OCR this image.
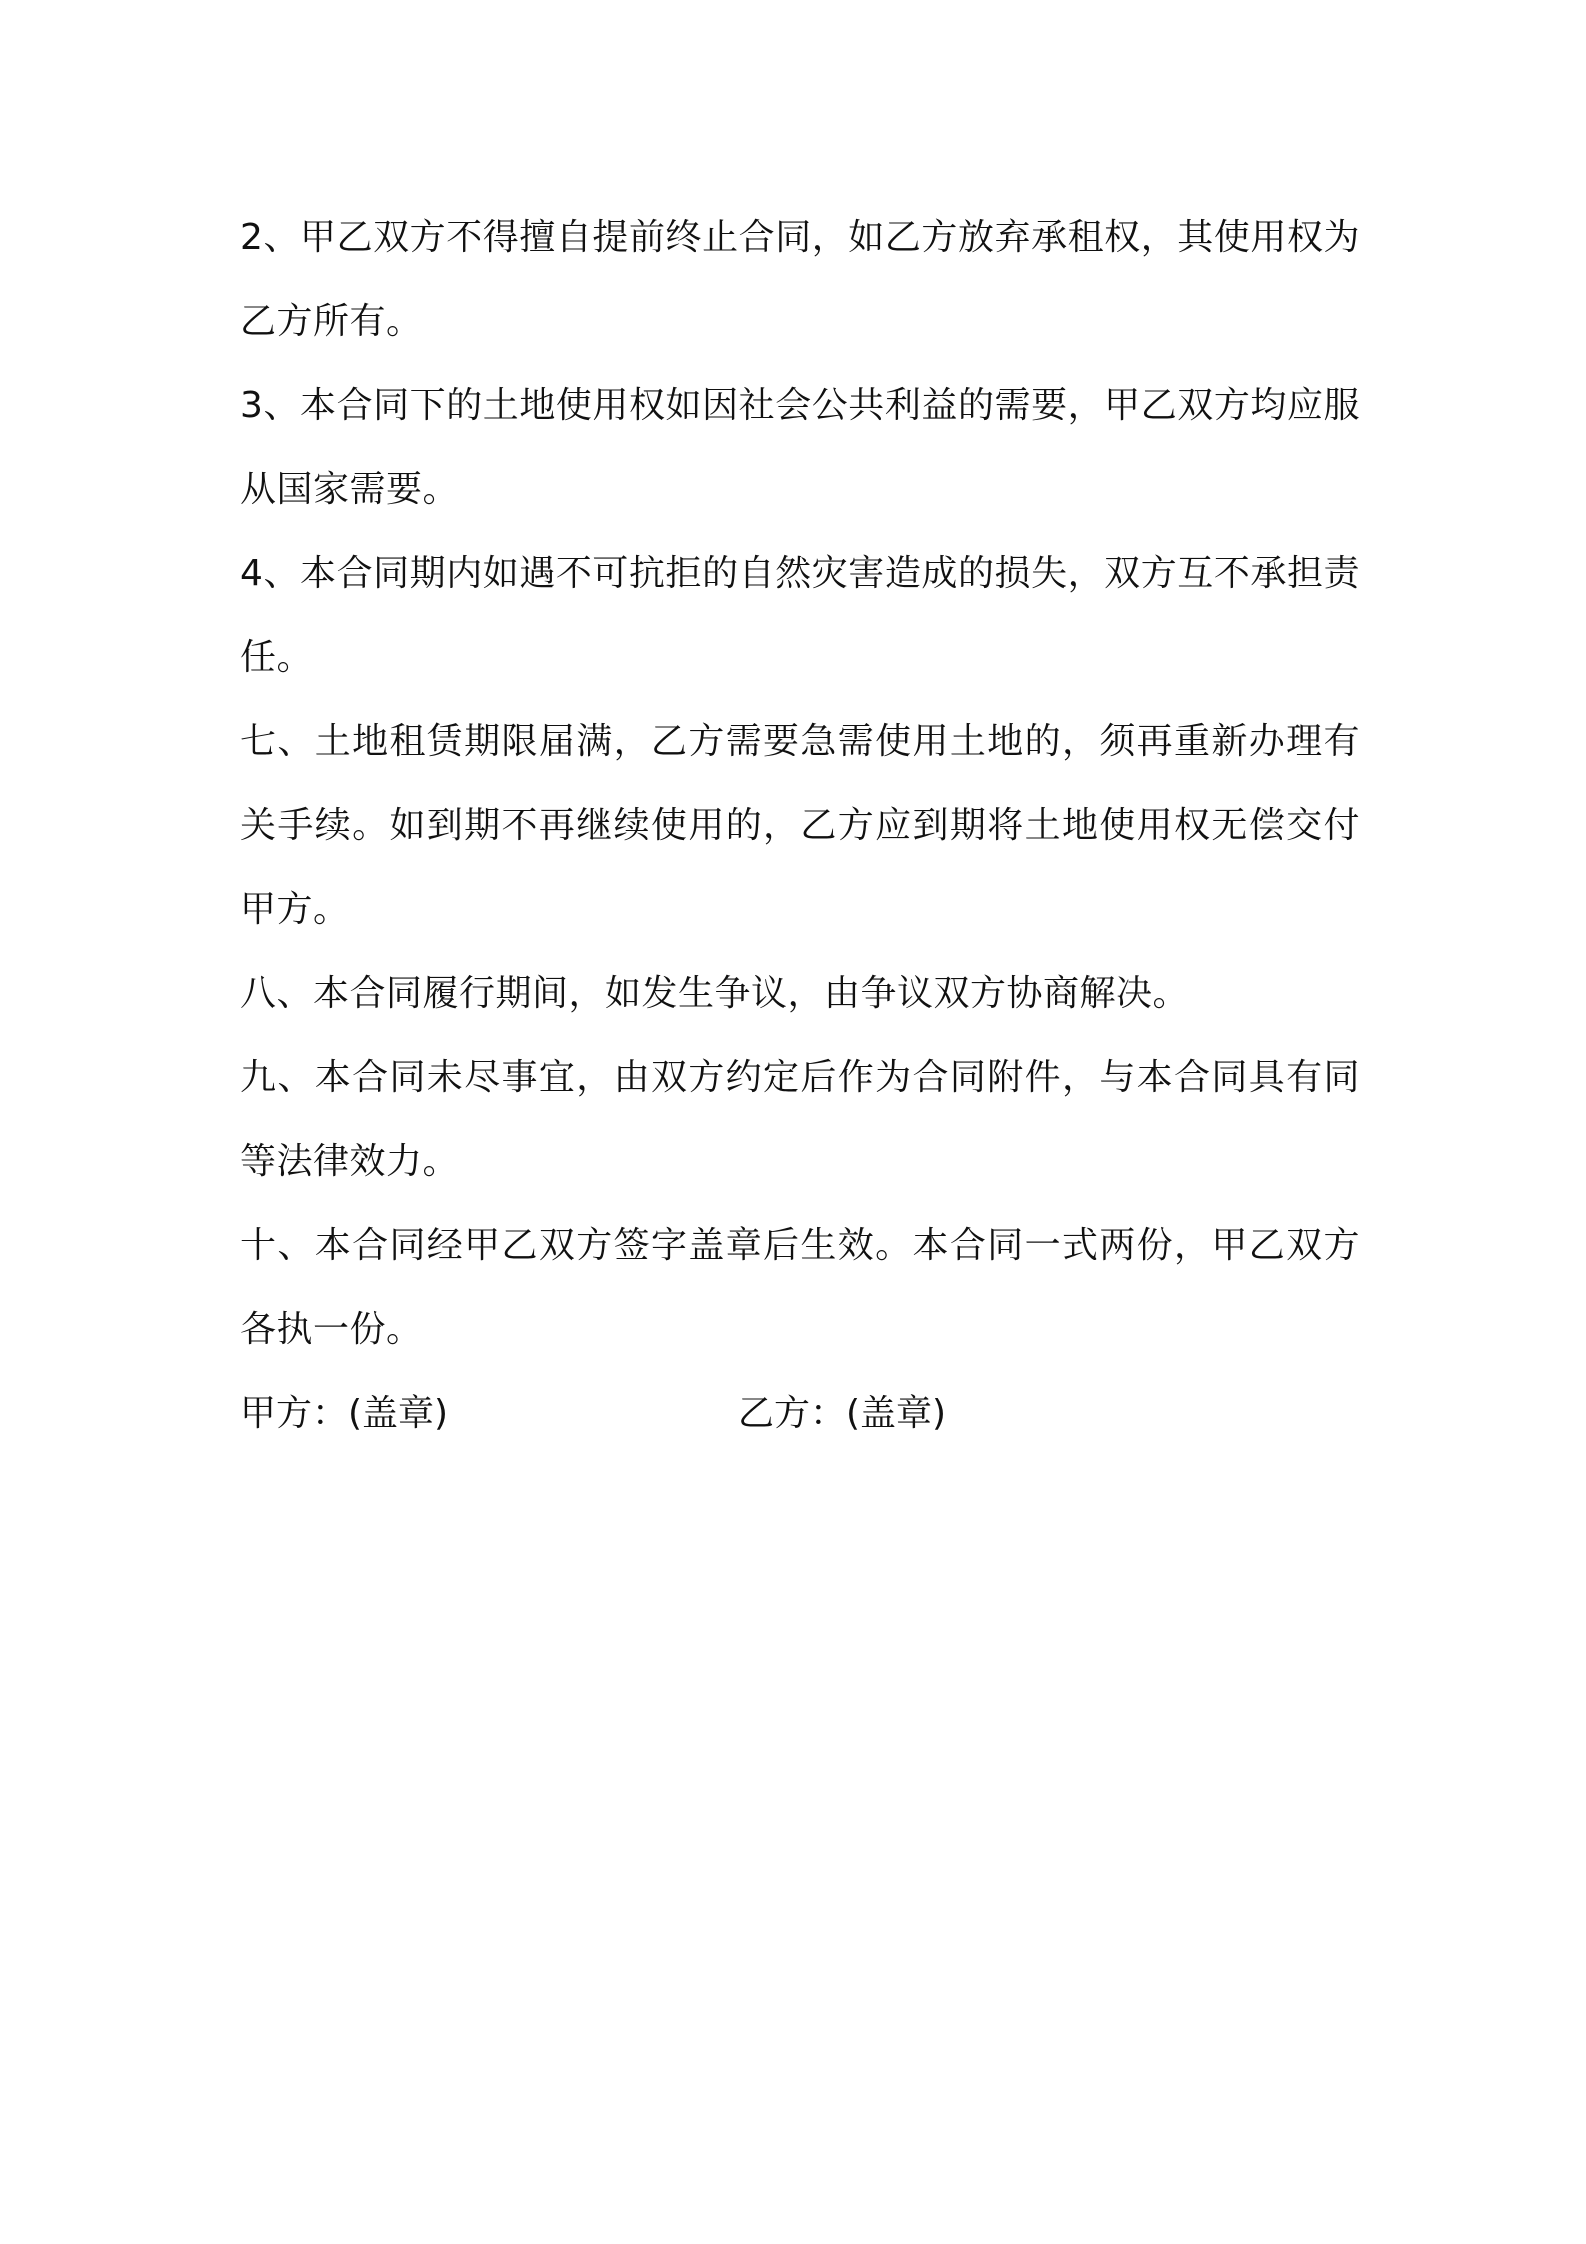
2、甲乙双方不得擅自提前终止合同，如乙方放弃承租权，其使用权为乙方所有。

3、本合同下的土地使用权如因社会公共利益的需要，甲乙双方均应服从国家需要。

4、本合同期内如遇不可抗拒的自然灾害造成的损失，双方互不承担责任。

七、土地租赁期限届满，乙方需要急需使用土地的，须再重新办理有关手续。如到期不再继续使用的，乙方应到期将土地使用权无偿交付甲方。

八、本合同履行期间，如发生争议，由争议双方协商解决。

九、本合同未尽事宜，由双方约定后作为合同附件，与本合同具有同等法律效力。

十、本合同经甲乙双方签字盖章后生效。本合同一式两份，甲乙双方各执一份。

甲方：(盖章)	乙方：(盖章)
